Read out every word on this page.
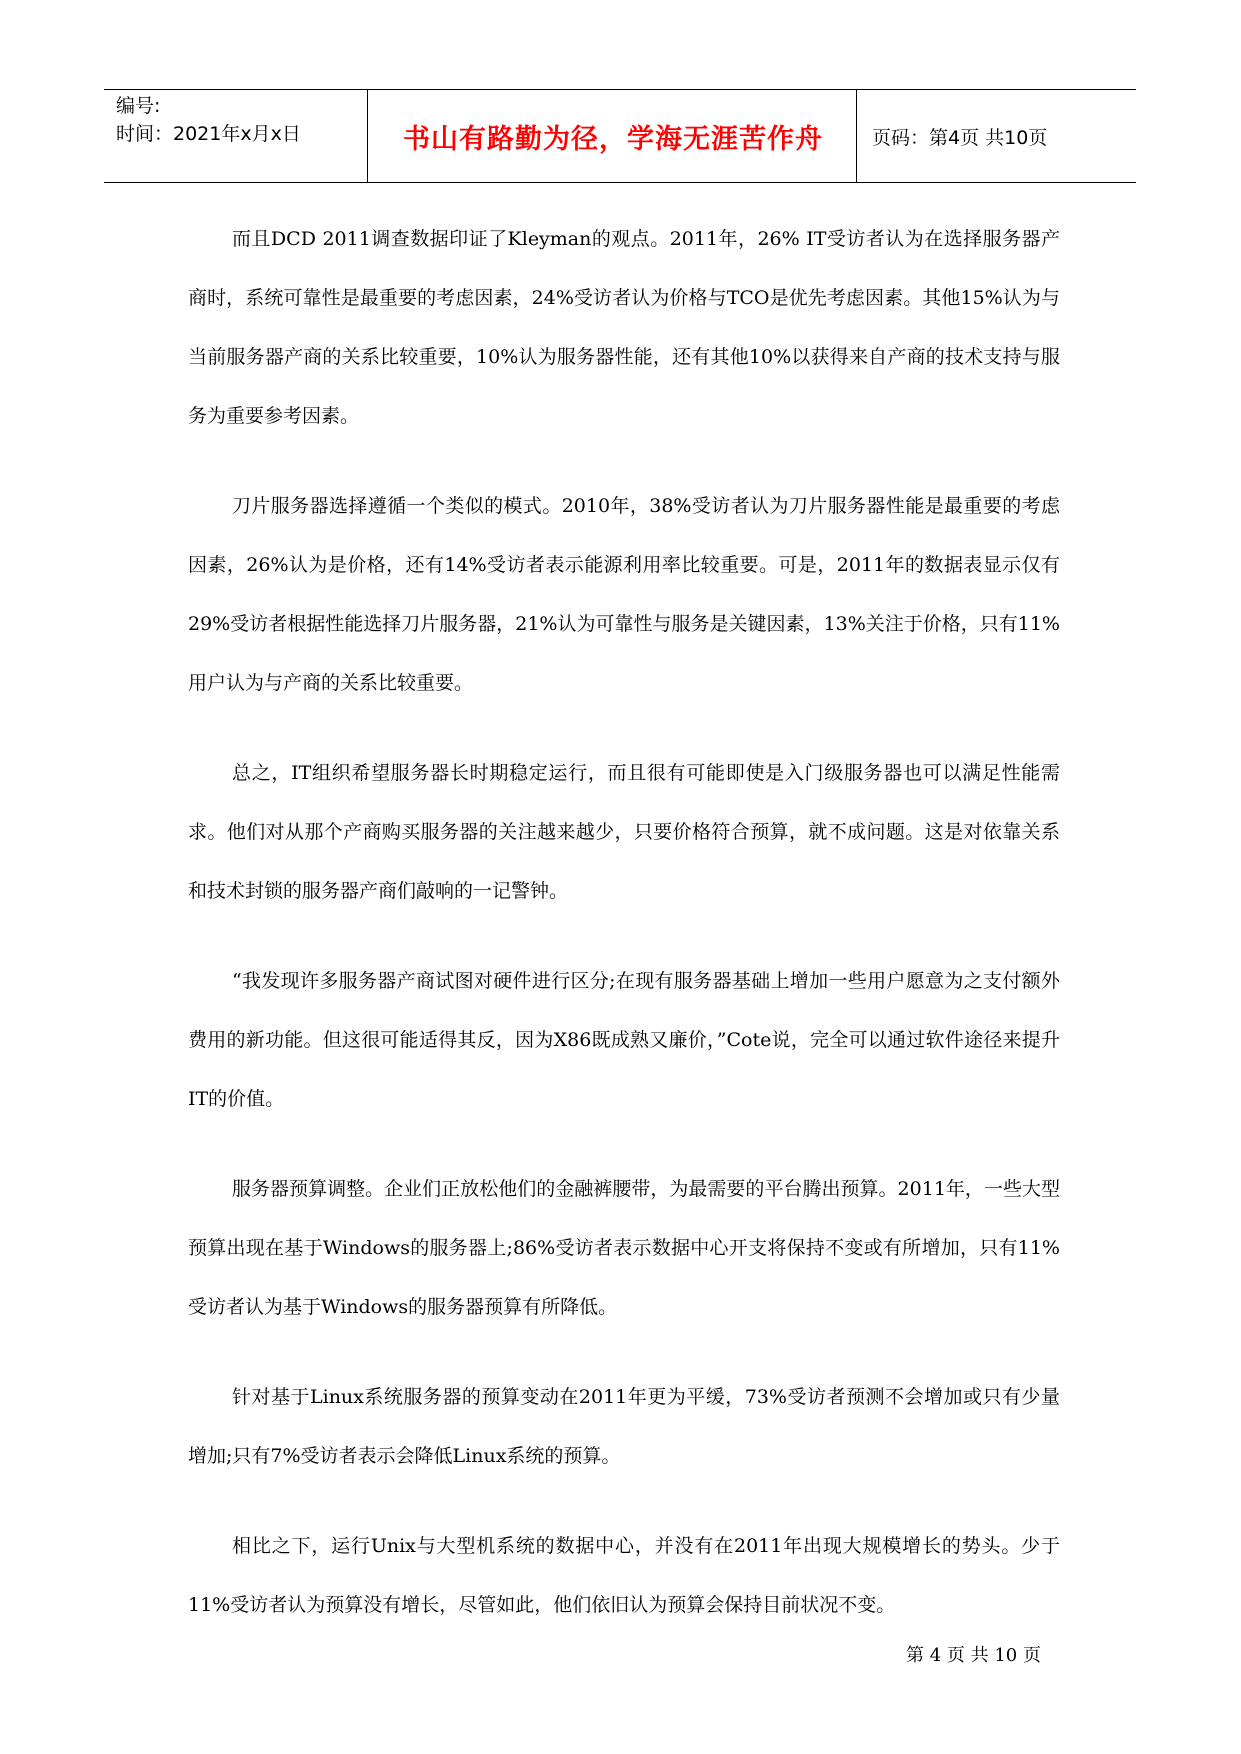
编号:
时间：2021年x月x日	书山有路勤为径，学海无涯苦作舟	页码：第4页 共10页

而且DCD 2011调查数据印证了Kleyman的观点。2011年，26% IT受访者认为在选择服务器产商时，系统可靠性是最重要的考虑因素，24%受访者认为价格与TCO是优先考虑因素。其他15%认为与当前服务器产商的关系比较重要，10%认为服务器性能，还有其他10%以获得来自产商的技术支持与服务为重要参考因素。

刀片服务器选择遵循一个类似的模式。2010年，38%受访者认为刀片服务器性能是最重要的考虑因素，26%认为是价格，还有14%受访者表示能源利用率比较重要。可是，2011年的数据表显示仅有29%受访者根据性能选择刀片服务器，21%认为可靠性与服务是关键因素，13%关注于价格，只有11%用户认为与产商的关系比较重要。

总之，IT组织希望服务器长时期稳定运行，而且很有可能即使是入门级服务器也可以满足性能需求。他们对从那个产商购买服务器的关注越来越少，只要价格符合预算，就不成问题。这是对依靠关系和技术封锁的服务器产商们敲响的一记警钟。

“我发现许多服务器产商试图对硬件进行区分;在现有服务器基础上增加一些用户愿意为之支付额外费用的新功能。但这很可能适得其反，因为X86既成熟又廉价，”Cote说，完全可以通过软件途径来提升IT的价值。

服务器预算调整。企业们正放松他们的金融裤腰带，为最需要的平台腾出预算。2011年，一些大型预算出现在基于Windows的服务器上;86%受访者表示数据中心开支将保持不变或有所增加，只有11%受访者认为基于Windows的服务器预算有所降低。

针对基于Linux系统服务器的预算变动在2011年更为平缓，73%受访者预测不会增加或只有少量增加;只有7%受访者表示会降低Linux系统的预算。

相比之下，运行Unix与大型机系统的数据中心，并没有在2011年出现大规模增长的势头。少于11%受访者认为预算没有增长，尽管如此，他们依旧认为预算会保持目前状况不变。

第 4 页 共 10 页
